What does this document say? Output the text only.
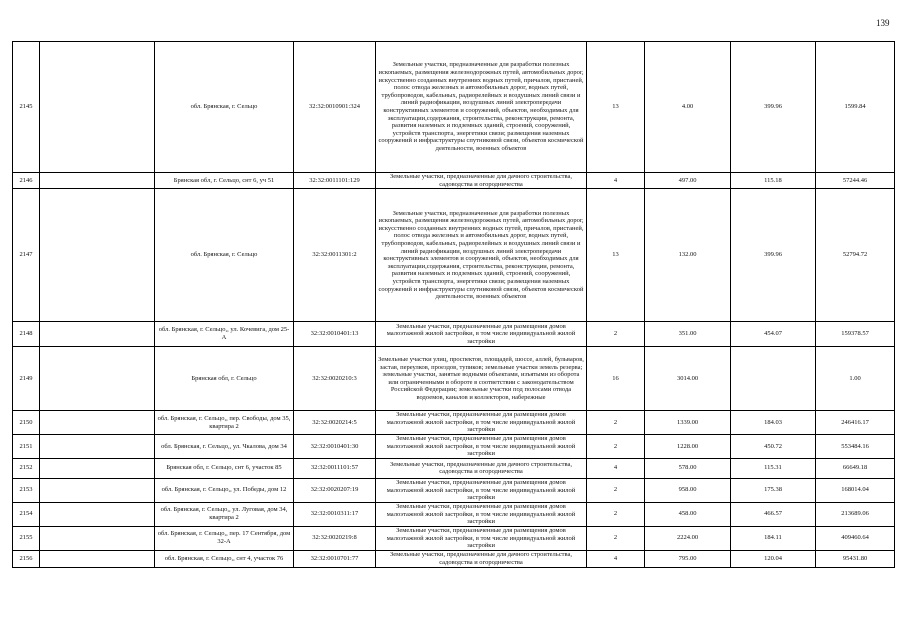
139
2145		обл. Брянская, г. Сельцо	32:32:0010901:324	Земельные участки, предназначенные для разработки полезных ископаемых, размещения железнодорожных путей, автомобильных дорог, искусственно созданных внутренних водных путей, причалов, пристаней, полос отвода железных и автомобильных дорог, водных путей, трубопроводов, кабельных, радиорелейных и воздушных линий связи и линий радиофикации, воздушных линий электропередачи конструктивных элементов и сооружений, объектов, необходимых для эксплуатации,содержания, строительства, реконструкции, ремонта, развития наземных и подземных зданий, строений, сооружений, устройств транспорта, энергетики связи; размещения наземных сооружений и инфраструктуры спутниковой связи, объектов космической деятельности, военных объектов	13	4.00	399.96	1599.84
2146		Брянская обл, г. Сельцо, снт 6, уч 51	32:32:0011101:129	Земельные участки, предназначенные для дачного строительства, садоводства и огородничества	4	497.00	115.18	57244.46
2147		обл. Брянская, г. Сельцо	32:32:0011301:2	Земельные участки, предназначенные для разработки полезных ископаемых, размещения железнодорожных путей, автомобильных дорог, искусственно созданных внутренних водных путей, причалов, пристаней, полос отвода железных и автомобильных дорог, водных путей, трубопроводов, кабельных, радиорелейных и воздушных линий связи и линий радиофикации, воздушных линий электропередачи конструктивных элементов и сооружений, объектов, необходимых для эксплуатации,содержания, строительства, реконструкции, ремонта, развития наземных и подземных зданий, строений, сооружений, устройств транспорта, энергетики связи; размещения наземных сооружений и инфраструктуры спутниковой связи, объектов космической деятельности, военных объектов	13	132.00	399.96	52794.72
2148		обл. Брянская, г. Сельцо,, ул. Кочевига, дом 25-А	32:32:0010401:13	Земельные участки, предназначенные для размещения домов малоэтажной жилой застройки, в том числе индивидуальной жилой застройки	2	351.00	454.07	159378.57
2149		Брянская обл, г. Сельцо	32:32:0020210:3	Земельные участки улиц, проспектов, площадей, шоссе, аллей, бульваров, застав, переулков, проездов, тупиков; земельные участки земель резерва; земельные участки, занятые водными объектами, изъятыми из оборота или ограниченными в обороте в соответствии с законодательством Российской Федерации; земельные участки под полосами отвода водоемов, каналов и коллекторов, набережные	16	3014.00		1.00
2150		обл. Брянская, г. Сельцо,, пер. Свободы, дом 35, квартира 2	32:32:0020214:5	Земельные участки, предназначенные для размещения домов малоэтажной жилой застройки, в том числе индивидуальной жилой застройки	2	1339.00	184.03	246416.17
2151		обл. Брянская, г. Сельцо,, ул. Чкалова, дом 34	32:32:0010401:30	Земельные участки, предназначенные для размещения домов малоэтажной жилой застройки, в том числе индивидуальной жилой застройки	2	1228.00	450.72	553484.16
2152		Брянская обл, г. Сельцо, снт 6, участок 85	32:32:0011101:57	Земельные участки, предназначенные для дачного строительства, садоводства и огородничества	4	578.00	115.31	66649.18
2153		обл. Брянская, г. Сельцо,, ул. Победы, дом 12	32:32:0020207:19	Земельные участки, предназначенные для размещения домов малоэтажной жилой застройки, в том числе индивидуальной жилой застройки	2	958.00	175.38	168014.04
2154		обл. Брянская, г. Сельцо,, ул. Луговая, дом 34, квартира 2	32:32:0010311:17	Земельные участки, предназначенные для размещения домов малоэтажной жилой застройки, в том числе индивидуальной жилой застройки	2	458.00	466.57	213689.06
2155		обл. Брянская, г. Сельцо,, пер. 17 Сентября, дом 32-А	32:32:0020219:8	Земельные участки, предназначенные для размещения домов малоэтажной жилой застройки, в том числе индивидуальной жилой застройки	2	2224.00	184.11	409460.64
2156		обл. Брянская, г. Сельцо,, снт 4, участок 76	32:32:0010701:77	Земельные участки, предназначенные для дачного строительства, садоводства и огородничества	4	795.00	120.04	95431.80
